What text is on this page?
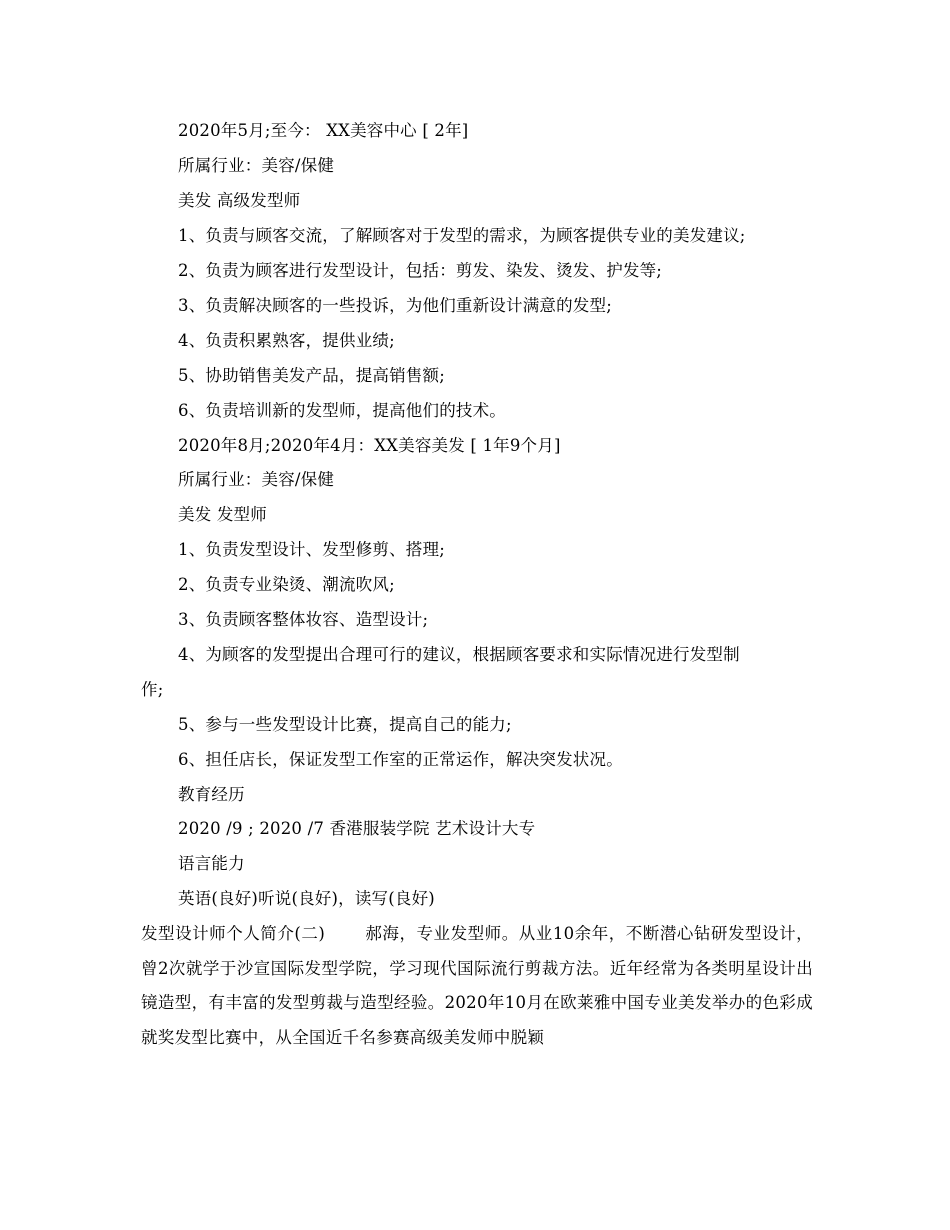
2020年5月;至今： XX美容中心 [ 2年]
所属行业：美容/保健
美发 高级发型师
1、负责与顾客交流，了解顾客对于发型的需求，为顾客提供专业的美发建议;
2、负责为顾客进行发型设计，包括：剪发、染发、烫发、护发等;
3、负责解决顾客的一些投诉，为他们重新设计满意的发型;
4、负责积累熟客，提供业绩;
5、协助销售美发产品，提高销售额;
6、负责培训新的发型师，提高他们的技术。
2020年8月;2020年4月：XX美容美发 [ 1年9个月]
所属行业：美容/保健
美发 发型师
1、负责发型设计、发型修剪、搭理;
2、负责专业染烫、潮流吹风;
3、负责顾客整体妆容、造型设计;
4、为顾客的发型提出合理可行的建议，根据顾客要求和实际情况进行发型制
作;
5、参与一些发型设计比赛，提高自己的能力;
6、担任店长，保证发型工作室的正常运作，解决突发状况。
教育经历
2020 /9 ; 2020 /7 香港服装学院 艺术设计大专
语言能力
英语(良好)听说(良好)，读写(良好)
发型设计师个人简介(二) 郝海，专业发型师。从业10余年，不断潜心钻研发型设计，曾2次就学于沙宣国际发型学院，学习现代国际流行剪裁方法。近年经常为各类明星设计出镜造型，有丰富的发型剪裁与造型经验。2020年10月在欧莱雅中国专业美发举办的色彩成就奖发型比赛中，从全国近千名参赛高级美发师中脱颖
